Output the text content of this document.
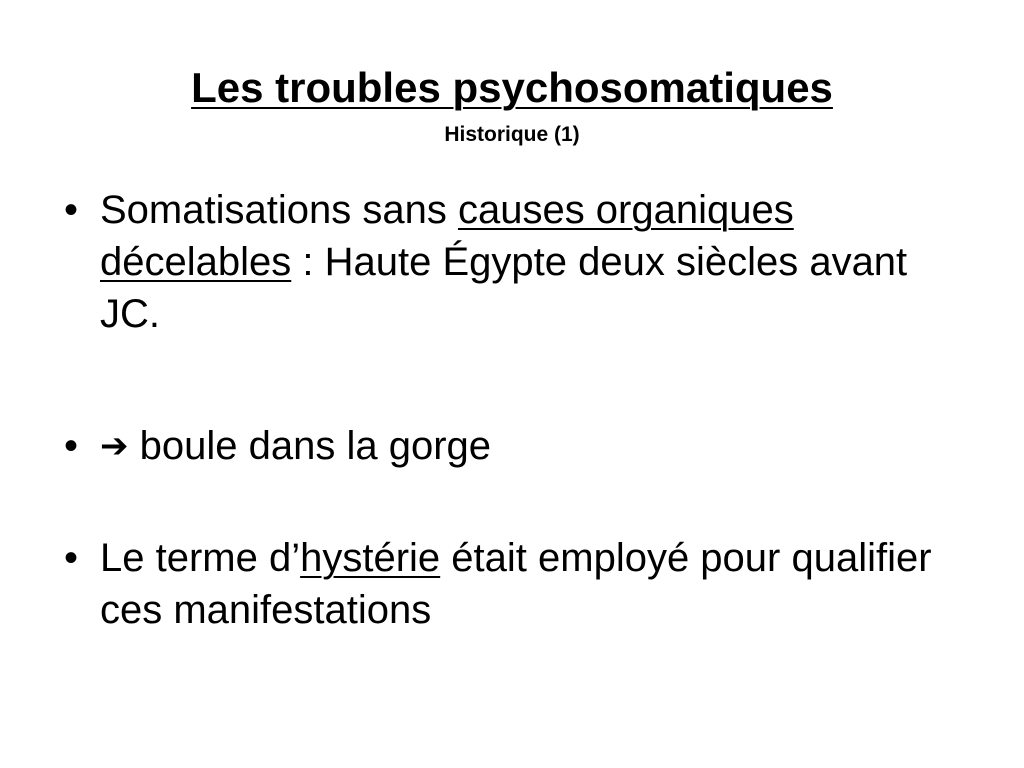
Les troubles psychosomatiques
Historique (1)
• Somatisations sans causes organiques décelables : Haute Égypte deux siècles avant JC.
• ➔ boule dans la gorge
• Le terme d’hystérie était employé pour qualifier ces manifestations
